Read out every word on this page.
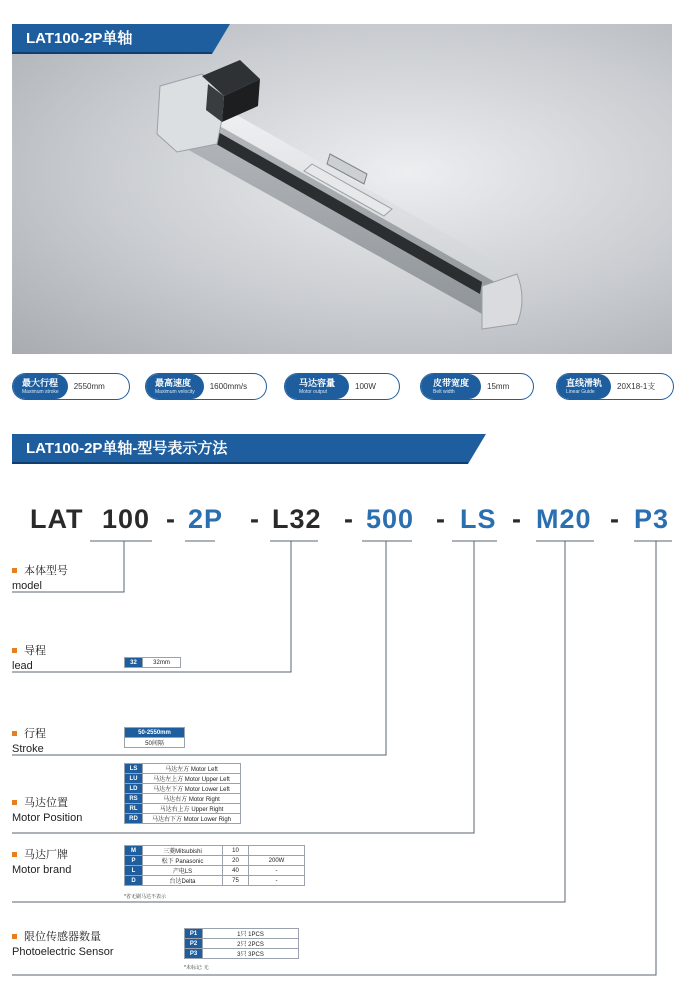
LAT100-2P单轴
最大行程
Maximum stroke
2550mm	最高速度
Maximum velocity
1600mm/s	马达容量
Motor output
100W	皮带宽度
Belt width
15mm	直线滑轨
Linear Guide
20X18-1支
LAT100-2P单轴-型号表示方法
LAT 100 - 2P - L32 - 500 - LS - M20 - P3
本体型号
model
导程
lead
行程
Stroke
马达位置
Motor Position
马达厂牌
Motor brand
限位传感器数量
Photoelectric Sensor
32	32mm
50-2550mm
50间隔
LS	马达左方 Motor Left
LU	马达左上方 Motor Upper Left
LD	马达左下方 Motor Lower Left
RS	马达右方 Motor Right
RL	马达右上方 Upper Right
RD	马达右下方 Motor Lower Righ
M	三菱Mitsubishi	10	
P	松下 Panasonic	20	200W
L	产电LS	40	-
D	台达Delta	75	-
*省无刷马达不表示
P1	1只 1PCS
P2	2只 2PCS
P3	3只 3PCS
*未标记: 无
